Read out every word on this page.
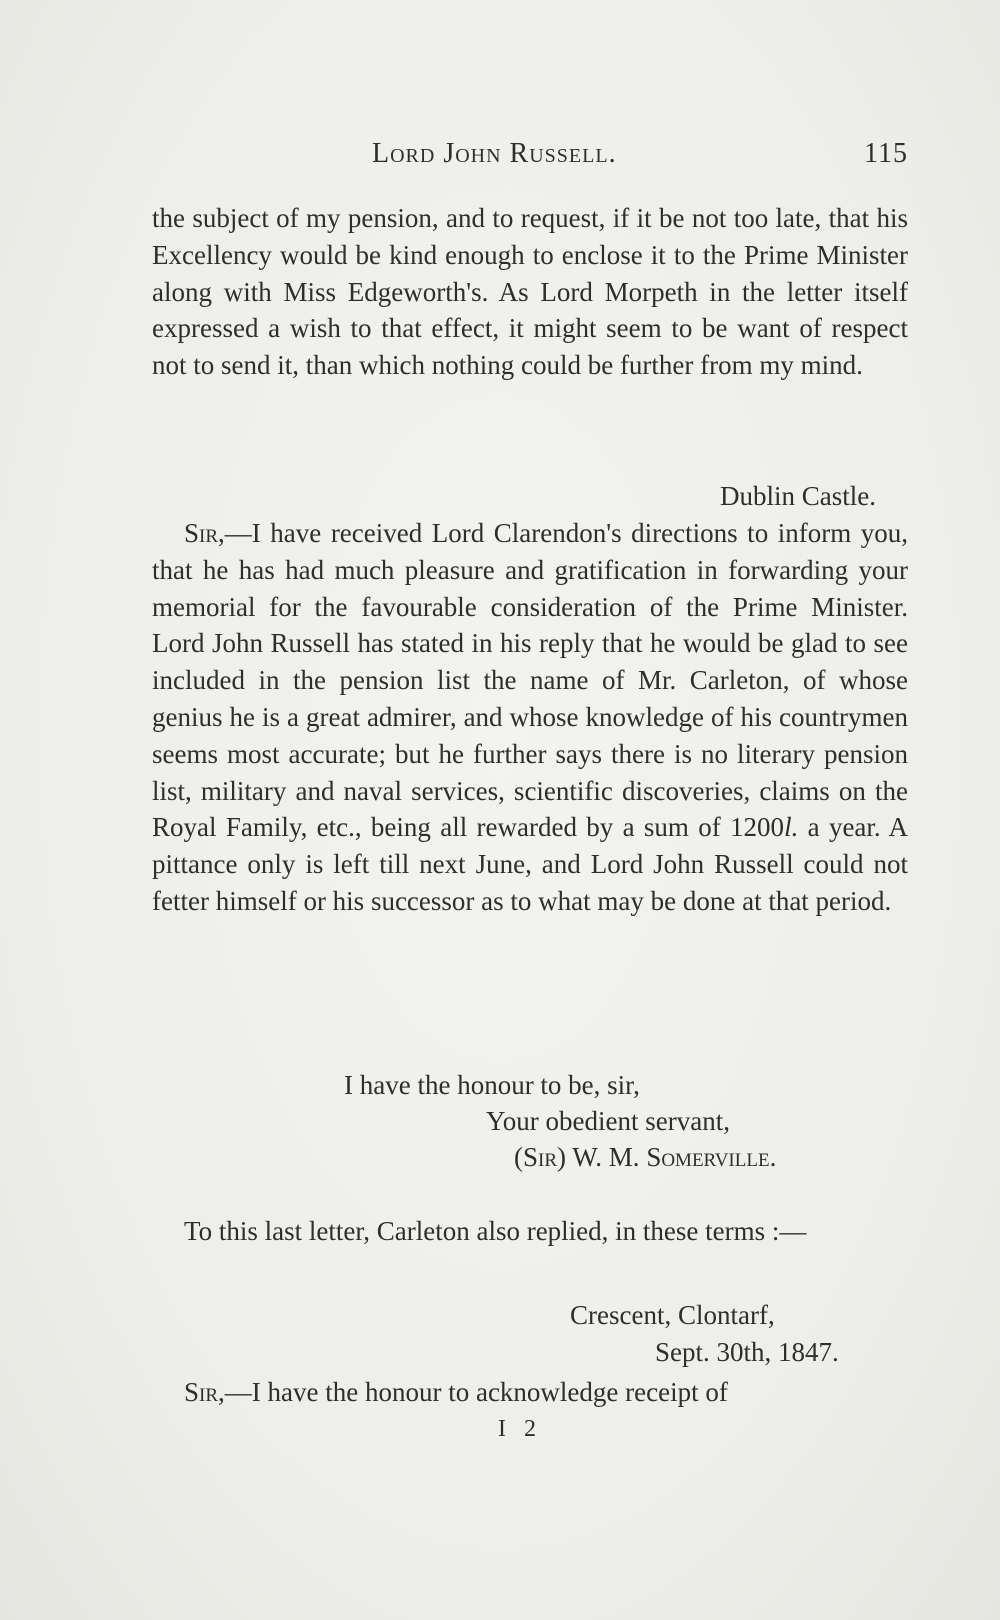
Lord John Russell.	115

the subject of my pension, and to request, if it be not too late, that his Excellency would be kind enough to enclose it to the Prime Minister along with Miss Edgeworth's. As Lord Morpeth in the letter itself expressed a wish to that effect, it might seem to be want of respect not to send it, than which nothing could be further from my mind.

Dublin Castle.

Sir,—I have received Lord Clarendon's directions to inform you, that he has had much pleasure and gratification in forwarding your memorial for the favourable consideration of the Prime Minister. Lord John Russell has stated in his reply that he would be glad to see included in the pension list the name of Mr. Carleton, of whose genius he is a great admirer, and whose knowledge of his countrymen seems most accurate; but he further says there is no literary pension list, military and naval services, scientific discoveries, claims on the Royal Family, etc., being all rewarded by a sum of 1200l. a year. A pittance only is left till next June, and Lord John Russell could not fetter himself or his successor as to what may be done at that period.

I have the honour to be, sir,
Your obedient servant,
(Sir) W. M. Somerville.

To this last letter, Carleton also replied, in these terms :—

Crescent, Clontarf,
Sept. 30th, 1847.

Sir,—I have the honour to acknowledge receipt of

I 2
